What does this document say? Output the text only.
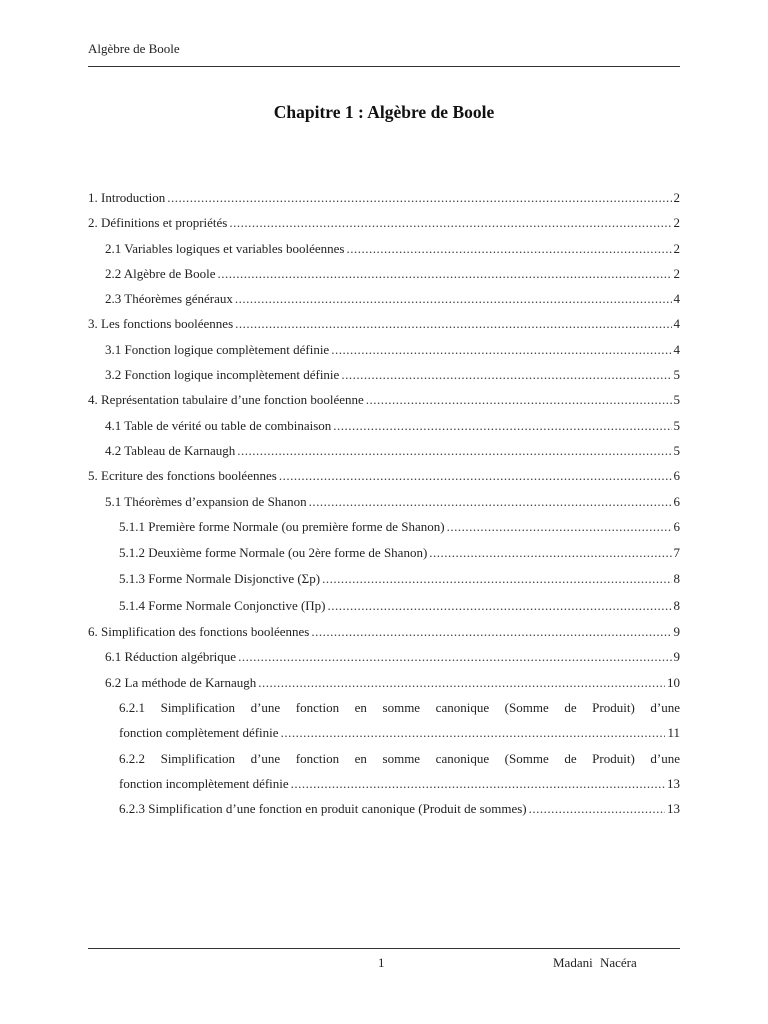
Algèbre de Boole
Chapitre 1 : Algèbre de Boole
1. Introduction .....	2
2. Définitions et propriétés .....	2
2.1 Variables logiques et variables booléennes .....	2
2.2 Algèbre de Boole .....	2
2.3 Théorèmes généraux .....	4
3. Les fonctions booléennes .....	4
3.1 Fonction logique complètement définie .....	4
3.2 Fonction logique incomplètement définie .....	5
4. Représentation tabulaire d’une fonction booléenne .....	5
4.1 Table de vérité ou table de combinaison .....	5
4.2 Tableau de Karnaugh .....	5
5. Ecriture des fonctions booléennes .....	6
5.1 Théorèmes d’expansion de Shanon .....	6
5.1.1 Première forme Normale (ou première forme de Shanon) .....	6
5.1.2 Deuxième forme Normale (ou 2ère forme de Shanon) .....	7
5.1.3 Forme Normale Disjonctive (Σp) .....	8
5.1.4 Forme Normale Conjonctive (Πp) .....	8
6. Simplification des fonctions booléennes .....	9
6.1 Réduction algébrique .....	9
6.2 La méthode de Karnaugh .....	10
6.2.1 Simplification d’une fonction en somme canonique (Somme de Produit) d’une
fonction complètement définie .....	11
6.2.2 Simplification d’une fonction en somme canonique (Somme de Produit) d’une
fonction incomplètement définie .....	13
6.2.3 Simplification d’une fonction en produit canonique (Produit de sommes) .....	13
1	Madani Nacéra
